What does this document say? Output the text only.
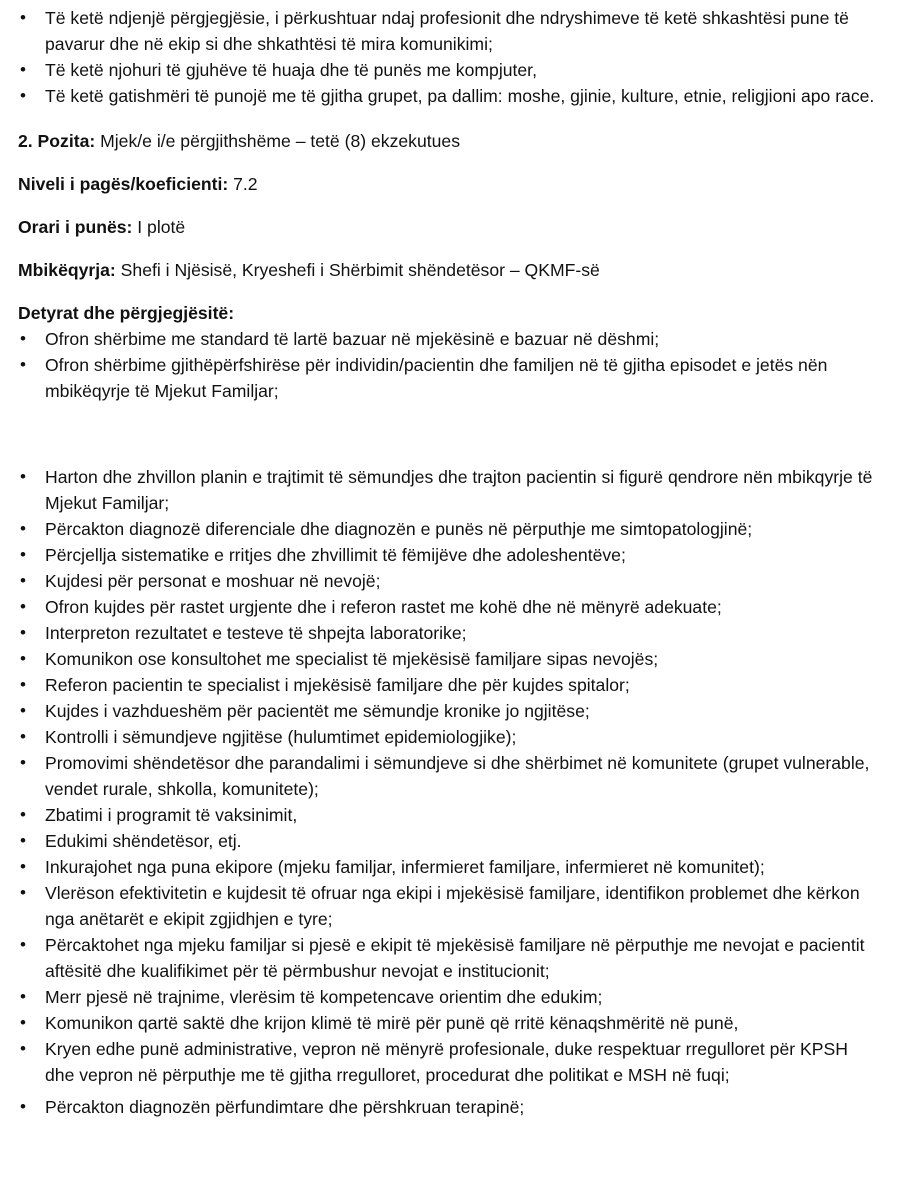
• Të ketë ndjenjë përgjegjësie, i përkushtuar ndaj profesionit dhe ndryshimeve të ketë shkashtësi pune të pavarur dhe në ekip si dhe shkathtësi të mira komunikimi;
• Të ketë njohuri të gjuhëve të huaja dhe të punës me kompjuter,
• Të ketë gatishmëri të punojë me të gjitha grupet, pa dallim: moshe, gjinie, kulture, etnie, religjioni apo race.

2. Pozita: Mjek/e i/e përgjithshëme – tetë (8) ekzekutues

Niveli i pagës/koeficienti: 7.2

Orari i punës: I plotë

Mbikëqyrja: Shefi i Njësisë, Kryeshefi i Shërbimit shëndetësor – QKMF-së

Detyrat dhe përgjegjësitë:
• Ofron shërbime me standard të lartë bazuar në mjekësinë e bazuar në dëshmi;
• Ofron shërbime gjithëpërfshirëse për individin/pacientin dhe familjen në të gjitha episodet e jetës nën mbikëqyrje të Mjekut Familjar;
• Harton dhe zhvillon planin e trajtimit të sëmundjes dhe trajton pacientin si figurë qendrore nën mbikqyrje të Mjekut Familjar;
• Përcakton diagnozë diferenciale dhe diagnozën e punës në përputhje me simtopatologjinë;
• Përcjellja sistematike e rritjes dhe zhvillimit të fëmijëve dhe adoleshentëve;
• Kujdesi për personat e moshuar në nevojë;
• Ofron kujdes për rastet urgjente dhe i referon rastet me kohë dhe në mënyrë adekuate;
• Interpreton rezultatet e testeve të shpejta laboratorike;
• Komunikon ose konsultohet me specialist të mjekësisë familjare sipas nevojës;
• Referon pacientin te specialist i mjekësisë familjare dhe për kujdes spitalor;
• Kujdes i vazhdueshëm për pacientët me sëmundje kronike jo ngjitëse;
• Kontrolli i sëmundjeve ngjitëse (hulumtimet epidemiologjike);
• Promovimi shëndetësor dhe parandalimi i sëmundjeve si dhe shërbimet në komunitete (grupet vulnerable, vendet rurale, shkolla, komunitete);
• Zbatimi i programit të vaksinimit,
• Edukimi shëndetësor, etj.
• Inkurajohet nga puna ekipore (mjeku familjar, infermieret familjare, infermieret në komunitet);
• Vlerëson efektivitetin e kujdesit të ofruar nga ekipi i mjekësisë familjare, identifikon problemet dhe kërkon nga anëtarët e ekipit zgjidhjen e tyre;
• Përcaktohet nga mjeku familjar si pjesë e ekipit të mjekësisë familjare në përputhje me nevojat e pacientit aftësitë dhe kualifikimet për të përmbushur nevojat e institucionit;
• Merr pjesë në trajnime, vlerësim të kompetencave orientim dhe edukim;
• Komunikon qartë saktë dhe krijon klimë të mirë për punë që rritë kënaqshmëritë në punë,
• Kryen edhe punë administrative, vepron në mënyrë profesionale, duke respektuar rregulloret për KPSH dhe vepron në përputhje me të gjitha rregulloret, procedurat dhe politikat e MSH në fuqi;
• Përcakton diagnozën përfundimtare dhe përshkruan terapinë;
